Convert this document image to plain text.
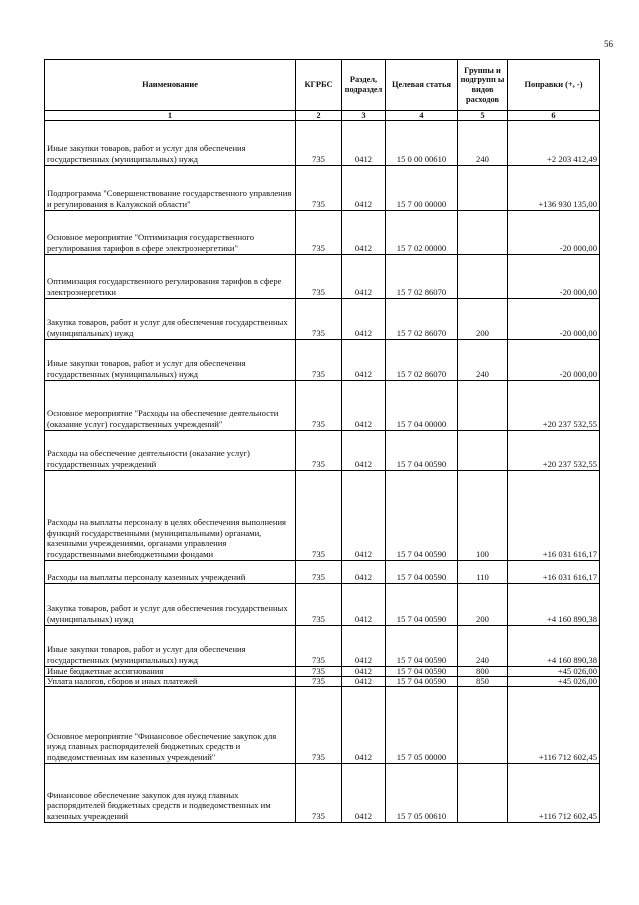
56
Наименование	КГРБС	Раздел, подраздел	Целевая статья	Группы и подгрупп ы видов расходов	Поправки (+, -)
1	2	3	4	5	6
Иные закупки товаров, работ и услуг для обеспечения государственных (муниципальных) нужд	735	0412	15 0 00 00610	240	+2 203 412,49
Подпрограмма "Совершенствование государственного управления и регулирования в Калужской области"	735	0412	15 7 00 00000		+136 930 135,00
Основное мероприятие "Оптимизация государственного регулирования тарифов в сфере электроэнергетики"	735	0412	15 7 02 00000		-20 000,00
Оптимизация государственного регулирования тарифов в сфере электроэнергетики	735	0412	15 7 02 86070		-20 000,00
Закупка товаров, работ и услуг для обеспечения государственных (муниципальных) нужд	735	0412	15 7 02 86070	200	-20 000,00
Иные закупки товаров, работ и услуг для обеспечения государственных (муниципальных) нужд	735	0412	15 7 02 86070	240	-20 000,00
Основное мероприятие "Расходы на обеспечение деятельности (оказание услуг) государственных учреждений"	735	0412	15 7 04 00000		+20 237 532,55
Расходы на обеспечение деятельности (оказание услуг) государственных учреждений	735	0412	15 7 04 00590		+20 237 532,55
Расходы на выплаты персоналу в целях обеспечения выполнения функций государственными (муниципальными) органами, казенными учреждениями, органами управления государственными внебюджетными фондами	735	0412	15 7 04 00590	100	+16 031 616,17
Расходы на выплаты персоналу казенных учреждений	735	0412	15 7 04 00590	110	+16 031 616,17
Закупка товаров, работ и услуг для обеспечения государственных (муниципальных) нужд	735	0412	15 7 04 00590	200	+4 160 890,38
Иные закупки товаров, работ и услуг для обеспечения государственных (муниципальных) нужд	735	0412	15 7 04 00590	240	+4 160 890,38
Иные бюджетные ассигнования	735	0412	15 7 04 00590	800	+45 026,00
Уплата налогов, сборов и иных платежей	735	0412	15 7 04 00590	850	+45 026,00
Основное мероприятие "Финансовое обеспечение закупок для нужд главных распорядителей бюджетных средств и подведомственных им казенных учреждений"	735	0412	15 7 05 00000		+116 712 602,45
Финансовое обеспечение закупок для нужд главных распорядителей бюджетных средств и подведомственных им казенных учреждений	735	0412	15 7 05 00610		+116 712 602,45
